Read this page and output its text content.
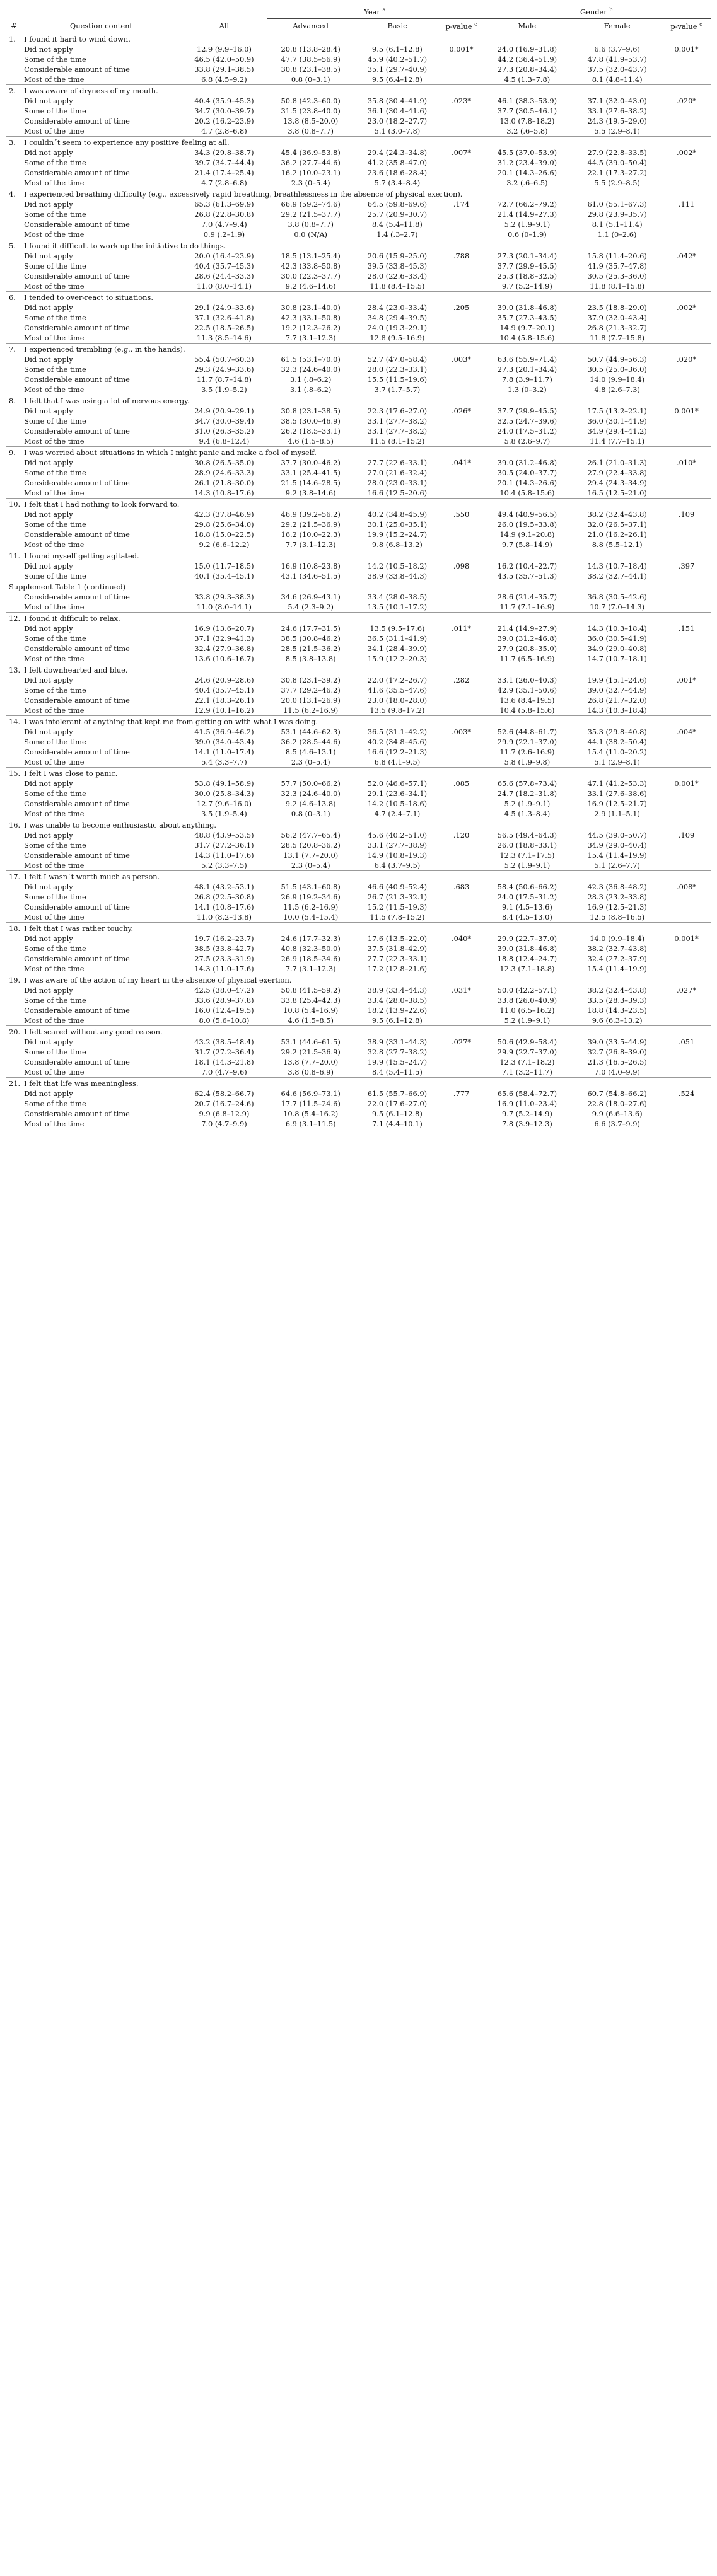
			Year $^a$			Gender $^b$
#	Question content	All	Advanced	Basic	p-value $^c$	Male	Female	p-value $^c$
1.	I found it hard to wind down.							
	Did not apply	12.9 (9.9–16.0)	20.8 (13.8–28.4)	9.5 (6.1–12.8)	0.001*	24.0 (16.9–31.8)	6.6 (3.7–9.6)	0.001*
	Some of the time	46.5 (42.0–50.9)	47.7 (38.5–56.9)	45.9 (40.2–51.7)		44.2 (36.4–51.9)	47.8 (41.9–53.7)	
	Considerable amount of time	33.8 (29.1–38.5)	30.8 (23.1–38.5)	35.1 (29.7–40.9)		27.3 (20.8–34.4)	37.5 (32.0–43.7)	
	Most of the time	6.8 (4.5–9.2)	0.8 (0–3.1)	9.5 (6.4–12.8)		4.5 (1.3–7.8)	8.1 (4.8–11.4)	
2.	I was aware of dryness of my mouth.							
	Did not apply	40.4 (35.9–45.3)	50.8 (42.3–60.0)	35.8 (30.4–41.9)	.023*	46.1 (38.3–53.9)	37.1 (32.0–43.0)	.020*
	Some of the time	34.7 (30.0–39.7)	31.5 (23.8–40.0)	36.1 (30.4–41.6)		37.7 (30.5–46.1)	33.1 (27.6–38.2)	
	Considerable amount of time	20.2 (16.2–23.9)	13.8 (8.5–20.0)	23.0 (18.2–27.7)		13.0 (7.8–18.2)	24.3 (19.5–29.0)	
	Most of the time	4.7 (2.8–6.8)	3.8 (0.8–7.7)	5.1 (3.0–7.8)		3.2 (.6–5.8)	5.5 (2.9–8.1)	
3.	I couldn´t seem to experience any positive feeling at all.							
	Did not apply	34.3 (29.8–38.7)	45.4 (36.9–53.8)	29.4 (24.3–34.8)	.007*	45.5 (37.0–53.9)	27.9 (22.8–33.5)	.002*
	Some of the time	39.7 (34.7–44.4)	36.2 (27.7–44.6)	41.2 (35.8–47.0)		31.2 (23.4–39.0)	44.5 (39.0–50.4)	
	Considerable amount of time	21.4 (17.4–25.4)	16.2 (10.0–23.1)	23.6 (18.6–28.4)		20.1 (14.3–26.6)	22.1 (17.3–27.2)	
	Most of the time	4.7 (2.8–6.8)	2.3 (0–5.4)	5.7 (3.4–8.4)		3.2 (.6–6.5)	5.5 (2.9–8.5)	
4.	I experienced breathing difficulty (e.g., excessively rapid breathing, breathlessness in the absence of physical exertion).							
	Did not apply	65.3 (61.3–69.9)	66.9 (59.2–74.6)	64.5 (59.8–69.6)	.174	72.7 (66.2–79.2)	61.0 (55.1–67.3)	.111
	Some of the time	26.8 (22.8–30.8)	29.2 (21.5–37.7)	25.7 (20.9–30.7)		21.4 (14.9–27.3)	29.8 (23.9–35.7)	
	Considerable amount of time	7.0 (4.7–9.4)	3.8 (0.8–7.7)	8.4 (5.4–11.8)		5.2 (1.9–9.1)	8.1 (5.1–11.4)	
	Most of the time	0.9 (.2–1.9)	0.0 (N/A)	1.4 (.3–2.7)		0.6 (0–1.9)	1.1 (0–2.6)	
5.	I found it difficult to work up the initiative to do things.							
	Did not apply	20.0 (16.4–23.9)	18.5 (13.1–25.4)	20.6 (15.9–25.0)	.788	27.3 (20.1–34.4)	15.8 (11.4–20.6)	.042*
	Some of the time	40.4 (35.7–45.3)	42.3 (33.8–50.8)	39.5 (33.8–45.3)		37.7 (29.9–45.5)	41.9 (35.7–47.8)	
	Considerable amount of time	28.6 (24.4–33.3)	30.0 (22.3–37.7)	28.0 (22.6–33.4)		25.3 (18.8–32.5)	30.5 (25.3–36.0)	
	Most of the time	11.0 (8.0–14.1)	9.2 (4.6–14.6)	11.8 (8.4–15.5)		9.7 (5.2–14.9)	11.8 (8.1–15.8)	
6.	I tended to over-react to situations.							
	Did not apply	29.1 (24.9–33.6)	30.8 (23.1–40.0)	28.4 (23.0–33.4)	.205	39.0 (31.8–46.8)	23.5 (18.8–29.0)	.002*
	Some of the time	37.1 (32.6–41.8)	42.3 (33.1–50.8)	34.8 (29.4–39.5)		35.7 (27.3–43.5)	37.9 (32.0–43.4)	
	Considerable amount of time	22.5 (18.5–26.5)	19.2 (12.3–26.2)	24.0 (19.3–29.1)		14.9 (9.7–20.1)	26.8 (21.3–32.7)	
	Most of the time	11.3 (8.5–14.6)	7.7 (3.1–12.3)	12.8 (9.5–16.9)		10.4 (5.8–15.6)	11.8 (7.7–15.8)	
7.	I experienced trembling (e.g., in the hands).							
	Did not apply	55.4 (50.7–60.3)	61.5 (53.1–70.0)	52.7 (47.0–58.4)	.003*	63.6 (55.9–71.4)	50.7 (44.9–56.3)	.020*
	Some of the time	29.3 (24.9–33.6)	32.3 (24.6–40.0)	28.0 (22.3–33.1)		27.3 (20.1–34.4)	30.5 (25.0–36.0)	
	Considerable amount of time	11.7 (8.7–14.8)	3.1 (.8–6.2)	15.5 (11.5–19.6)		7.8 (3.9–11.7)	14.0 (9.9–18.4)	
	Most of the time	3.5 (1.9–5.2)	3.1 (.8–6.2)	3.7 (1.7–5.7)		1.3 (0–3.2)	4.8 (2.6–7.3)	
8.	I felt that I was using a lot of nervous energy.							
	Did not apply	24.9 (20.9–29.1)	30.8 (23.1–38.5)	22.3 (17.6–27.0)	.026*	37.7 (29.9–45.5)	17.5 (13.2–22.1)	0.001*
	Some of the time	34.7 (30.0–39.4)	38.5 (30.0–46.9)	33.1 (27.7–38.2)		32.5 (24.7–39.6)	36.0 (30.1–41.9)	
	Considerable amount of time	31.0 (26.3–35.2)	26.2 (18.5–33.1)	33.1 (27.7–38.2)		24.0 (17.5–31.2)	34.9 (29.4–41.2)	
	Most of the time	9.4 (6.8–12.4)	4.6 (1.5–8.5)	11.5 (8.1–15.2)		5.8 (2.6–9.7)	11.4 (7.7–15.1)	
9.	I was worried about situations in which I might panic and make a fool of myself.							
	Did not apply	30.8 (26.5–35.0)	37.7 (30.0–46.2)	27.7 (22.6–33.1)	.041*	39.0 (31.2–46.8)	26.1 (21.0–31.3)	.010*
	Some of the time	28.9 (24.6–33.3)	33.1 (25.4–41.5)	27.0 (21.6–32.4)		30.5 (24.0–37.7)	27.9 (22.4–33.8)	
	Considerable amount of time	26.1 (21.8–30.0)	21.5 (14.6–28.5)	28.0 (23.0–33.1)		20.1 (14.3–26.6)	29.4 (24.3–34.9)	
	Most of the time	14.3 (10.8–17.6)	9.2 (3.8–14.6)	16.6 (12.5–20.6)		10.4 (5.8–15.6)	16.5 (12.5–21.0)	
10.	I felt that I had nothing to look forward to.							
	Did not apply	42.3 (37.8–46.9)	46.9 (39.2–56.2)	40.2 (34.8–45.9)	.550	49.4 (40.9–56.5)	38.2 (32.4–43.8)	.109
	Some of the time	29.8 (25.6–34.0)	29.2 (21.5–36.9)	30.1 (25.0–35.1)		26.0 (19.5–33.8)	32.0 (26.5–37.1)	
	Considerable amount of time	18.8 (15.0–22.5)	16.2 (10.0–22.3)	19.9 (15.2–24.7)		14.9 (9.1–20.8)	21.0 (16.2–26.1)	
	Most of the time	9.2 (6.6–12.2)	7.7 (3.1–12.3)	9.8 (6.8–13.2)		9.7 (5.8–14.9)	8.8 (5.5–12.1)	
11.	I found myself getting agitated.							
	Did not apply	15.0 (11.7–18.5)	16.9 (10.8–23.8)	14.2 (10.5–18.2)	.098	16.2 (10.4–22.7)	14.3 (10.7–18.4)	.397
	Some of the time	40.1 (35.4–45.1)	43.1 (34.6–51.5)	38.9 (33.8–44.3)		43.5 (35.7–51.3)	38.2 (32.7–44.1)	
Supplement Table 1 (continued)								
	Considerable amount of time	33.8 (29.3–38.3)	34.6 (26.9–43.1)	33.4 (28.0–38.5)		28.6 (21.4–35.7)	36.8 (30.5–42.6)	
	Most of the time	11.0 (8.0–14.1)	5.4 (2.3–9.2)	13.5 (10.1–17.2)		11.7 (7.1–16.9)	10.7 (7.0–14.3)	
12.	I found it difficult to relax.							
	Did not apply	16.9 (13.6–20.7)	24.6 (17.7–31.5)	13.5 (9.5–17.6)	.011*	21.4 (14.9–27.9)	14.3 (10.3–18.4)	.151
	Some of the time	37.1 (32.9–41.3)	38.5 (30.8–46.2)	36.5 (31.1–41.9)		39.0 (31.2–46.8)	36.0 (30.5–41.9)	
	Considerable amount of time	32.4 (27.9–36.8)	28.5 (21.5–36.2)	34.1 (28.4–39.9)		27.9 (20.8–35.0)	34.9 (29.0–40.8)	
	Most of the time	13.6 (10.6–16.7)	8.5 (3.8–13.8)	15.9 (12.2–20.3)		11.7 (6.5–16.9)	14.7 (10.7–18.1)	
13.	I felt downhearted and blue.							
	Did not apply	24.6 (20.9–28.6)	30.8 (23.1–39.2)	22.0 (17.2–26.7)	.282	33.1 (26.0–40.3)	19.9 (15.1–24.6)	.001*
	Some of the time	40.4 (35.7–45.1)	37.7 (29.2–46.2)	41.6 (35.5–47.6)		42.9 (35.1–50.6)	39.0 (32.7–44.9)	
	Considerable amount of time	22.1 (18.3–26.1)	20.0 (13.1–26.9)	23.0 (18.0–28.0)		13.6 (8.4–19.5)	26.8 (21.7–32.0)	
	Most of the time	12.9 (10.1–16.2)	11.5 (6.2–16.9)	13.5 (9.8–17.2)		10.4 (5.8–15.6)	14.3 (10.3–18.4)	
14.	I was intolerant of anything that kept me from getting on with what I was doing.							
	Did not apply	41.5 (36.9–46.2)	53.1 (44.6–62.3)	36.5 (31.1–42.2)	.003*	52.6 (44.8–61.7)	35.3 (29.8–40.8)	.004*
	Some of the time	39.0 (34.0–43.4)	36.2 (28.5–44.6)	40.2 (34.8–45.6)		29.9 (22.1–37.0)	44.1 (38.2–50.4)	
	Considerable amount of time	14.1 (11.0–17.4)	8.5 (4.6–13.1)	16.6 (12.2–21.3)		11.7 (2.6–16.9)	15.4 (11.0–20.2)	
	Most of the time	5.4 (3.3–7.7)	2.3 (0–5.4)	6.8 (4.1–9.5)		5.8 (1.9–9.8)	5.1 (2.9–8.1)	
15.	I felt I was close to panic.							
	Did not apply	53.8 (49.1–58.9)	57.7 (50.0–66.2)	52.0 (46.6–57.1)	.085	65.6 (57.8–73.4)	47.1 (41.2–53.3)	0.001*
	Some of the time	30.0 (25.8–34.3)	32.3 (24.6–40.0)	29.1 (23.6–34.1)		24.7 (18.2–31.8)	33.1 (27.6–38.6)	
	Considerable amount of time	12.7 (9.6–16.0)	9.2 (4.6–13.8)	14.2 (10.5–18.6)		5.2 (1.9–9.1)	16.9 (12.5–21.7)	
	Most of the time	3.5 (1.9–5.4)	0.8 (0–3.1)	4.7 (2.4–7.1)		4.5 (1.3–8.4)	2.9 (1.1–5.1)	
16.	I was unable to become enthusiastic about anything.							
	Did not apply	48.8 (43.9–53.5)	56.2 (47.7–65.4)	45.6 (40.2–51.0)	.120	56.5 (49.4–64.3)	44.5 (39.0–50.7)	.109
	Some of the time	31.7 (27.2–36.1)	28.5 (20.8–36.2)	33.1 (27.7–38.9)		26.0 (18.8–33.1)	34.9 (29.0–40.4)	
	Considerable amount of time	14.3 (11.0–17.6)	13.1 (7.7–20.0)	14.9 (10.8–19.3)		12.3 (7.1–17.5)	15.4 (11.4–19.9)	
	Most of the time	5.2 (3.3–7.5)	2.3 (0–5.4)	6.4 (3.7–9.5)		5.2 (1.9–9.1)	5.1 (2.6–7.7)	
17.	I felt I wasn´t worth much as person.							
	Did not apply	48.1 (43.2–53.1)	51.5 (43.1–60.8)	46.6 (40.9–52.4)	.683	58.4 (50.6–66.2)	42.3 (36.8–48.2)	.008*
	Some of the time	26.8 (22.5–30.8)	26.9 (19.2–34.6)	26.7 (21.3–32.1)		24.0 (17.5–31.2)	28.3 (23.2–33.8)	
	Considerable amount of time	14.1 (10.8–17.6)	11.5 (6.2–16.9)	15.2 (11.5–19.3)		9.1 (4.5–13.6)	16.9 (12.5–21.3)	
	Most of the time	11.0 (8.2–13.8)	10.0 (5.4–15.4)	11.5 (7.8–15.2)		8.4 (4.5–13.0)	12.5 (8.8–16.5)	
18.	I felt that I was rather touchy.							
	Did not apply	19.7 (16.2–23.7)	24.6 (17.7–32.3)	17.6 (13.5–22.0)	.040*	29.9 (22.7–37.0)	14.0 (9.9–18.4)	0.001*
	Some of the time	38.5 (33.8–42.7)	40.8 (32.3–50.0)	37.5 (31.8–42.9)		39.0 (31.8–46.8)	38.2 (32.7–43.8)	
	Considerable amount of time	27.5 (23.3–31.9)	26.9 (18.5–34.6)	27.7 (22.3–33.1)		18.8 (12.4–24.7)	32.4 (27.2–37.9)	
	Most of the time	14.3 (11.0–17.6)	7.7 (3.1–12.3)	17.2 (12.8–21.6)		12.3 (7.1–18.8)	15.4 (11.4–19.9)	
19.	I was aware of the action of my heart in the absence of physical exertion.							
	Did not apply	42.5 (38.0–47.2)	50.8 (41.5–59.2)	38.9 (33.4–44.3)	.031*	50.0 (42.2–57.1)	38.2 (32.4–43.8)	.027*
	Some of the time	33.6 (28.9–37.8)	33.8 (25.4–42.3)	33.4 (28.0–38.5)		33.8 (26.0–40.9)	33.5 (28.3–39.3)	
	Considerable amount of time	16.0 (12.4–19.5)	10.8 (5.4–16.9)	18.2 (13.9–22.6)		11.0 (6.5–16.2)	18.8 (14.3–23.5)	
	Most of the time	8.0 (5.6–10.8)	4.6 (1.5–8.5)	9.5 (6.1–12.8)		5.2 (1.9–9.1)	9.6 (6.3–13.2)	
20.	I felt scared without any good reason.							
	Did not apply	43.2 (38.5–48.4)	53.1 (44.6–61.5)	38.9 (33.1–44.3)	.027*	50.6 (42.9–58.4)	39.0 (33.5–44.9)	.051
	Some of the time	31.7 (27.2–36.4)	29.2 (21.5–36.9)	32.8 (27.7–38.2)		29.9 (22.7–37.0)	32.7 (26.8–39.0)	
	Considerable amount of time	18.1 (14.3–21.8)	13.8 (7.7–20.0)	19.9 (15.5–24.7)		12.3 (7.1–18.2)	21.3 (16.5–26.5)	
	Most of the time	7.0 (4.7–9.6)	3.8 (0.8–6.9)	8.4 (5.4–11.5)		7.1 (3.2–11.7)	7.0 (4.0–9.9)	
21.	I felt that life was meaningless.							
	Did not apply	62.4 (58.2–66.7)	64.6 (56.9–73.1)	61.5 (55.7–66.9)	.777	65.6 (58.4–72.7)	60.7 (54.8–66.2)	.524
	Some of the time	20.7 (16.7–24.6)	17.7 (11.5–24.6)	22.0 (17.6–27.0)		16.9 (11.0–23.4)	22.8 (18.0–27.6)	
	Considerable amount of time	9.9 (6.8–12.9)	10.8 (5.4–16.2)	9.5 (6.1–12.8)		9.7 (5.2–14.9)	9.9 (6.6–13.6)	
	Most of the time	7.0 (4.7–9.9)	6.9 (3.1–11.5)	7.1 (4.4–10.1)		7.8 (3.9–12.3)	6.6 (3.7–9.9)	
